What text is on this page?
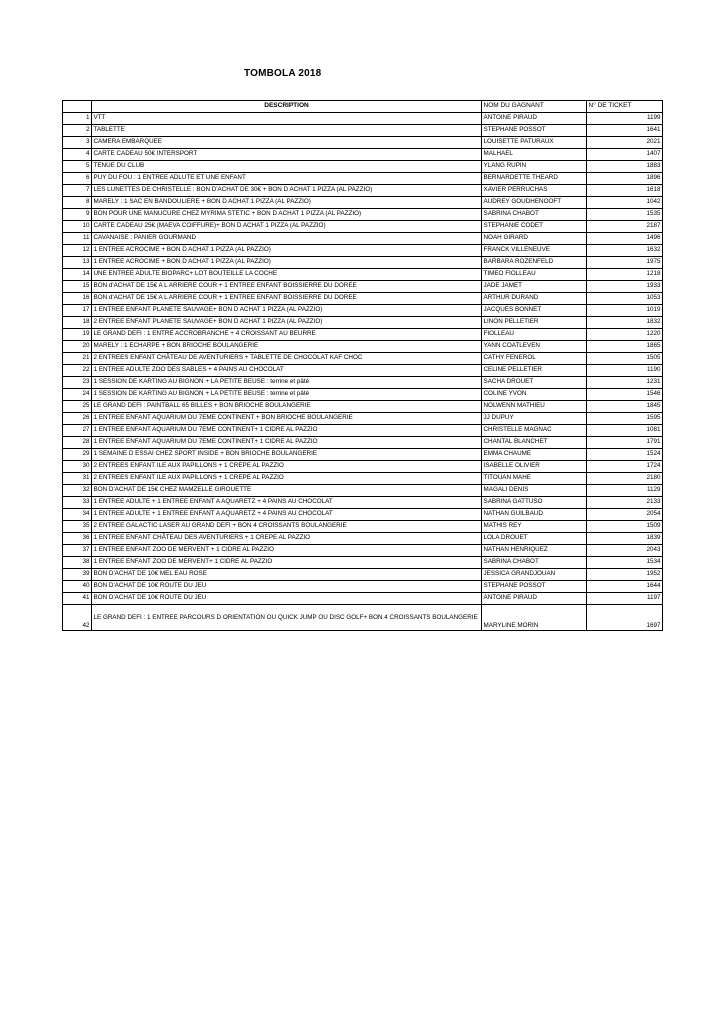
TOMBOLA 2018
	DESCRIPTION	NOM DU GAGNANT	N° DE TICKET
1	VTT	ANTOINE PIRAUD	1199
2	TABLETTE	STEPHANE POSSOT	1641
3	CAMERA EMBARQUEE	LOUISETTE PATURAUX	2021
4	CARTE CADEAU 50€ INTERSPORT	MALHAEL	1407
5	TENUE DU CLUB	YLANG RUPIN	1883
6	PUY DU FOU : 1 ENTREE ADLUTE ET UNE ENFANT	BERNARDETTE THEARD	1896
7	LES LUNETTES DE CHRISTELLE : BON D'ACHAT DE 30€ + BON D ACHAT 1 PIZZA (AL PAZZIO)	XAVIER PERRUCHAS	1618
8	MARELY : 1 SAC EN BANDOULIERE + BON D ACHAT 1 PIZZA (AL PAZZIO)	AUDREY GOUDHENOOFT	1042
9	BON POUR UNE MANUCURE CHEZ MYRIMA STETIC + BON D ACHAT 1 PIZZA (AL PAZZIO)	SABRINA CHABOT	1535
10	CARTE CADEAU 25€ (MAEVA COIFFURE)+ BON D ACHAT 1 PIZZA (AL PAZZIO)	STEPHANIE CODET	2187
11	CAVANAISE : PANIER GOURMAND	NOAH GIRARD	1496
12	1 ENTREE ACROCIME + BON D ACHAT 1 PIZZA (AL PAZZIO)	FRANCK VILLENEUVE	1632
13	1 ENTREE ACROCIME + BON D ACHAT 1 PIZZA (AL PAZZIO)	BARBARA ROZENFELD	1975
14	UNE ENTREE ADULTE BIOPARC+ LOT BOUTEILLE LA COCHE	TIMEO FIOLLEAU	1218
15	BON d'ACHAT DE 15€ A L ARRIERE COUR + 1 ENTREE ENFANT BOISSIERRE DU DOREE	JADE JAMET	1933
16	BON d'ACHAT DE 15€ A L ARRIERE COUR + 1 ENTREE ENFANT BOISSIERRE DU DOREE	ARTHUR DURAND	1053
17	1 ENTREE ENFANT PLANETE SAUVAGE+ BON D ACHAT 1 PIZZA (AL PAZZIO)	JACQUES BONNET	1019
18	2 ENTREE ENFANT PLANETE SAUVAGE+ BON D ACHAT 1 PIZZA (AL PAZZIO)	LINON PELLETIER	1832
19	LE GRAND DEFI : 1 ENTRE ACCROBRANCHE + 4 CROISSANT AU BEURRE	FIOLLEAU	1220
20	MARELY : 1 ECHARPE + BON BRIOCHE BOULANGERIE	YANN COATLEVEN	1865
21	2 ENTREES ENFANT CHÂTEAU DE AVENTURIERS + TABLETTE DE CHOCOLAT KAF CHOC	CATHY FENEROL	1505
22	1 ENTREE ADULTE ZOO DES SABLES + 4 PAINS AU CHOCOLAT	CELINE PELLETIER	1190
23	1 SESSION DE KARTING AU BIGNON + LA PETITE BEUSE : terrine et pâté	SACHA DROUET	1231
24	1 SESSION DE KARTING AU BIGNON + LA PETITE BEUSE : terrine et pâté	COLINE YVON	1546
25	LE GRAND DEFI : PAINTBALL 65 BILLES + BON BRIOCHE BOULANGERIE	NOLWENN MATHIEU	1845
26	1 ENTREE ENFANT AQUARIUM DU 7EME CONTINENT + BON BRIOCHE BOULANGERIE	JJ DUPUY	1595
27	1 ENTREE ENFANT AQUARIUM DU 7EME CONTINENT+ 1 CIDRE AL PAZZIO	CHRISTELLE MAGNAC	1081
28	1 ENTREE ENFANT AQUARIUM DU 7EME CONTINENT+ 1 CIDRE AL PAZZIO	CHANTAL BLANCHET	1791
29	1 SEMAINE D ESSAI CHEZ SPORT INSIDE + BON BRIOCHE BOULANGERIE	EMMA CHAUME	1524
30	2 ENTREES ENFANT ILE AUX PAPILLONS + 1 CREPE AL PAZZIO	ISABELLE OLIVIER	1724
31	2 ENTREES ENFANT ILE AUX PAPILLONS + 1 CREPE AL PAZZIO	TITOUAN MAHE	2180
32	BON D'ACHAT DE 15€ CHEZ MAMZELLE GIROUETTE	MAGALI DENIS	1129
33	1 ENTREE ADULTE + 1 ENTREE ENFANT A AQUARETZ + 4 PAINS AU CHOCOLAT	SABRINA GATTUSO	2133
34	1 ENTREE ADULTE + 1 ENTREE ENFANT A AQUARETZ + 4 PAINS AU CHOCOLAT	NATHAN GUILBAUD	2054
35	2 ENTREE GALACTIC LASER AU GRAND DEFI + BON 4 CROISSANTS BOULANGERIE	MATHIS REY	1509
36	1 ENTREE ENFANT CHÂTEAU DES AVENTURIERS + 1 CREPE AL PAZZIO	LOLA DROUET	1839
37	1 ENTREE ENFANT ZOO DE MERVENT + 1 CIDRE AL PAZZIO	NATHAN HENRIQUEZ	2043
38	1 ENTREE ENFANT ZOO DE MERVENT+ 1 CIDRE AL PAZZIO	SABRINA CHABOT	1534
39	BON D'ACHAT DE 10€ MEL EAU ROSE	JESSICA GRANDJOUAN	1952
40	BON D'ACHAT DE 10€ ROUTE DU JEU	STEPHANE POSSOT	1644
41	BON D'ACHAT DE 10€ ROUTE DU JEU	ANTOINE PIRAUD	1197
42	LE GRAND DEFI : 1 ENTREE PARCOURS D ORIENTATION OU QUICK JUMP OU DISC GOLF+ BON 4 CROISSANTS BOULANGERIE	MARYLINE MORIN	1697
